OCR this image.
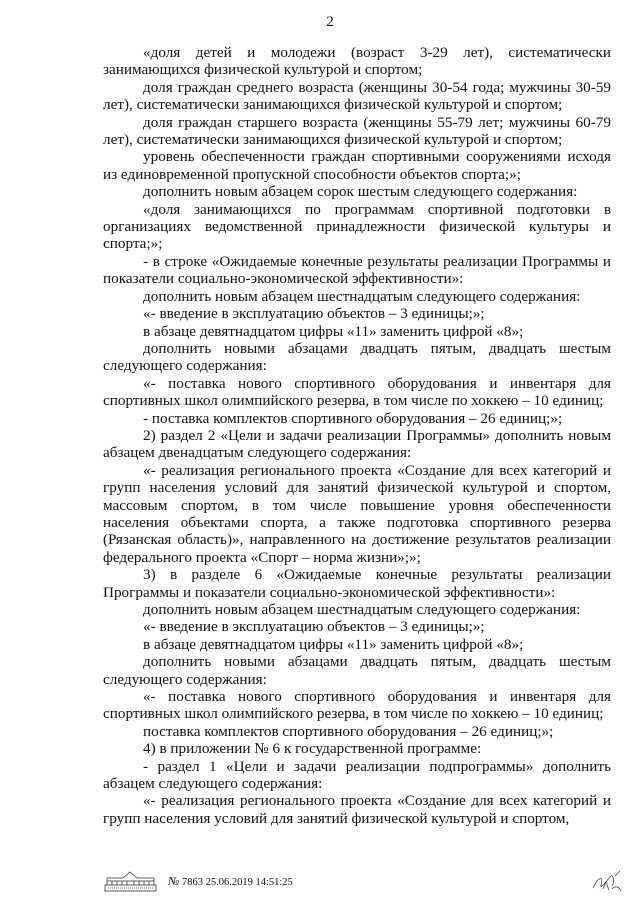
2

«доля детей и молодежи (возраст 3-29 лет), систематически занимающихся физической культурой и спортом;

доля граждан среднего возраста (женщины 30-54 года; мужчины 30-59 лет), систематически занимающихся физической культурой и спортом;

доля граждан старшего возраста (женщины 55-79 лет; мужчины 60-79 лет), систематически занимающихся физической культурой и спортом;

уровень обеспеченности граждан спортивными сооружениями исходя из единовременной пропускной способности объектов спорта;»;

дополнить новым абзацем сорок шестым следующего содержания:

«доля занимающихся по программам спортивной подготовки в организациях ведомственной принадлежности физической культуры и спорта;»;

- в строке «Ожидаемые конечные результаты реализации Программы и показатели социально-экономической эффективности»:

дополнить новым абзацем шестнадцатым следующего содержания:

«- введение в эксплуатацию объектов – 3 единицы;»;

в абзаце девятнадцатом цифры «11» заменить цифрой «8»;

дополнить новыми абзацами двадцать пятым, двадцать шестым следующего содержания:

«- поставка нового спортивного оборудования и инвентаря для спортивных школ олимпийского резерва, в том числе по хоккею – 10 единиц;

- поставка комплектов спортивного оборудования – 26 единиц;»;

2) раздел 2 «Цели и задачи реализации Программы» дополнить новым абзацем двенадцатым следующего содержания:

«- реализация регионального проекта «Создание для всех категорий и групп населения условий для занятий физической культурой и спортом, массовым спортом, в том числе повышение уровня обеспеченности населения объектами спорта, а также подготовка спортивного резерва (Рязанская область)», направленного на достижение результатов реализации федерального проекта «Спорт – норма жизни»;»;

3) в разделе 6 «Ожидаемые конечные результаты реализации Программы и показатели социально-экономической эффективности»:

дополнить новым абзацем шестнадцатым следующего содержания:

«- введение в эксплуатацию объектов – 3 единицы;»;

в абзаце девятнадцатом цифры «11» заменить цифрой «8»;

дополнить новыми абзацами двадцать пятым, двадцать шестым следующего содержания:

«- поставка нового спортивного оборудования и инвентаря для спортивных школ олимпийского резерва, в том числе по хоккею – 10 единиц;

поставка комплектов спортивного оборудования – 26 единиц;»;

4) в приложении № 6 к государственной программе:

- раздел 1 «Цели и задачи реализации подпрограммы» дополнить абзацем следующего содержания:

«- реализация регионального проекта «Создание для всех категорий и групп населения условий для занятий физической культурой и спортом,

№ 7863 25.06.2019 14:51:25
